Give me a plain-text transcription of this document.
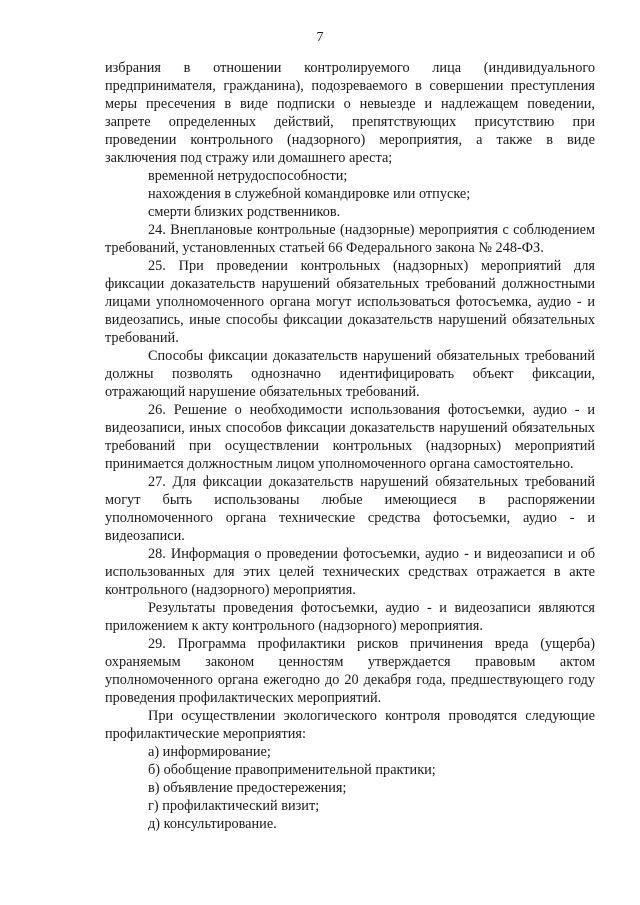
7

избрания в отношении контролируемого лица (индивидуального предпринимателя, гражданина), подозреваемого в совершении преступления меры пресечения в виде подписки о невыезде и надлежащем поведении, запрете определенных действий, препятствующих присутствию при проведении контрольного (надзорного) мероприятия, а также в виде заключения под стражу или домашнего ареста;

временной нетрудоспособности;

нахождения в служебной командировке или отпуске;

смерти близких родственников.

24. Внеплановые контрольные (надзорные) мероприятия с соблюдением требований, установленных статьей 66 Федерального закона № 248-ФЗ.

25. При проведении контрольных (надзорных) мероприятий для фиксации доказательств нарушений обязательных требований должностными лицами уполномоченного органа могут использоваться фотосъемка, аудио - и видеозапись, иные способы фиксации доказательств нарушений обязательных требований.

Способы фиксации доказательств нарушений обязательных требований должны позволять однозначно идентифицировать объект фиксации, отражающий нарушение обязательных требований.

26. Решение о необходимости использования фотосъемки, аудио - и видеозаписи, иных способов фиксации доказательств нарушений обязательных требований при осуществлении контрольных (надзорных) мероприятий принимается должностным лицом уполномоченного органа самостоятельно.

27. Для фиксации доказательств нарушений обязательных требований могут быть использованы любые имеющиеся в распоряжении уполномоченного органа технические средства фотосъемки, аудио - и видеозаписи.

28. Информация о проведении фотосъемки, аудио - и видеозаписи и об использованных для этих целей технических средствах отражается в акте контрольного (надзорного) мероприятия.

Результаты проведения фотосъемки, аудио - и видеозаписи являются приложением к акту контрольного (надзорного) мероприятия.

29. Программа профилактики рисков причинения вреда (ущерба) охраняемым законом ценностям утверждается правовым актом уполномоченного органа ежегодно до 20 декабря года, предшествующего году проведения профилактических мероприятий.

При осуществлении экологического контроля проводятся следующие профилактические мероприятия:

а) информирование;

б) обобщение правоприменительной практики;

в) объявление предостережения;

г) профилактический визит;

д) консультирование.
